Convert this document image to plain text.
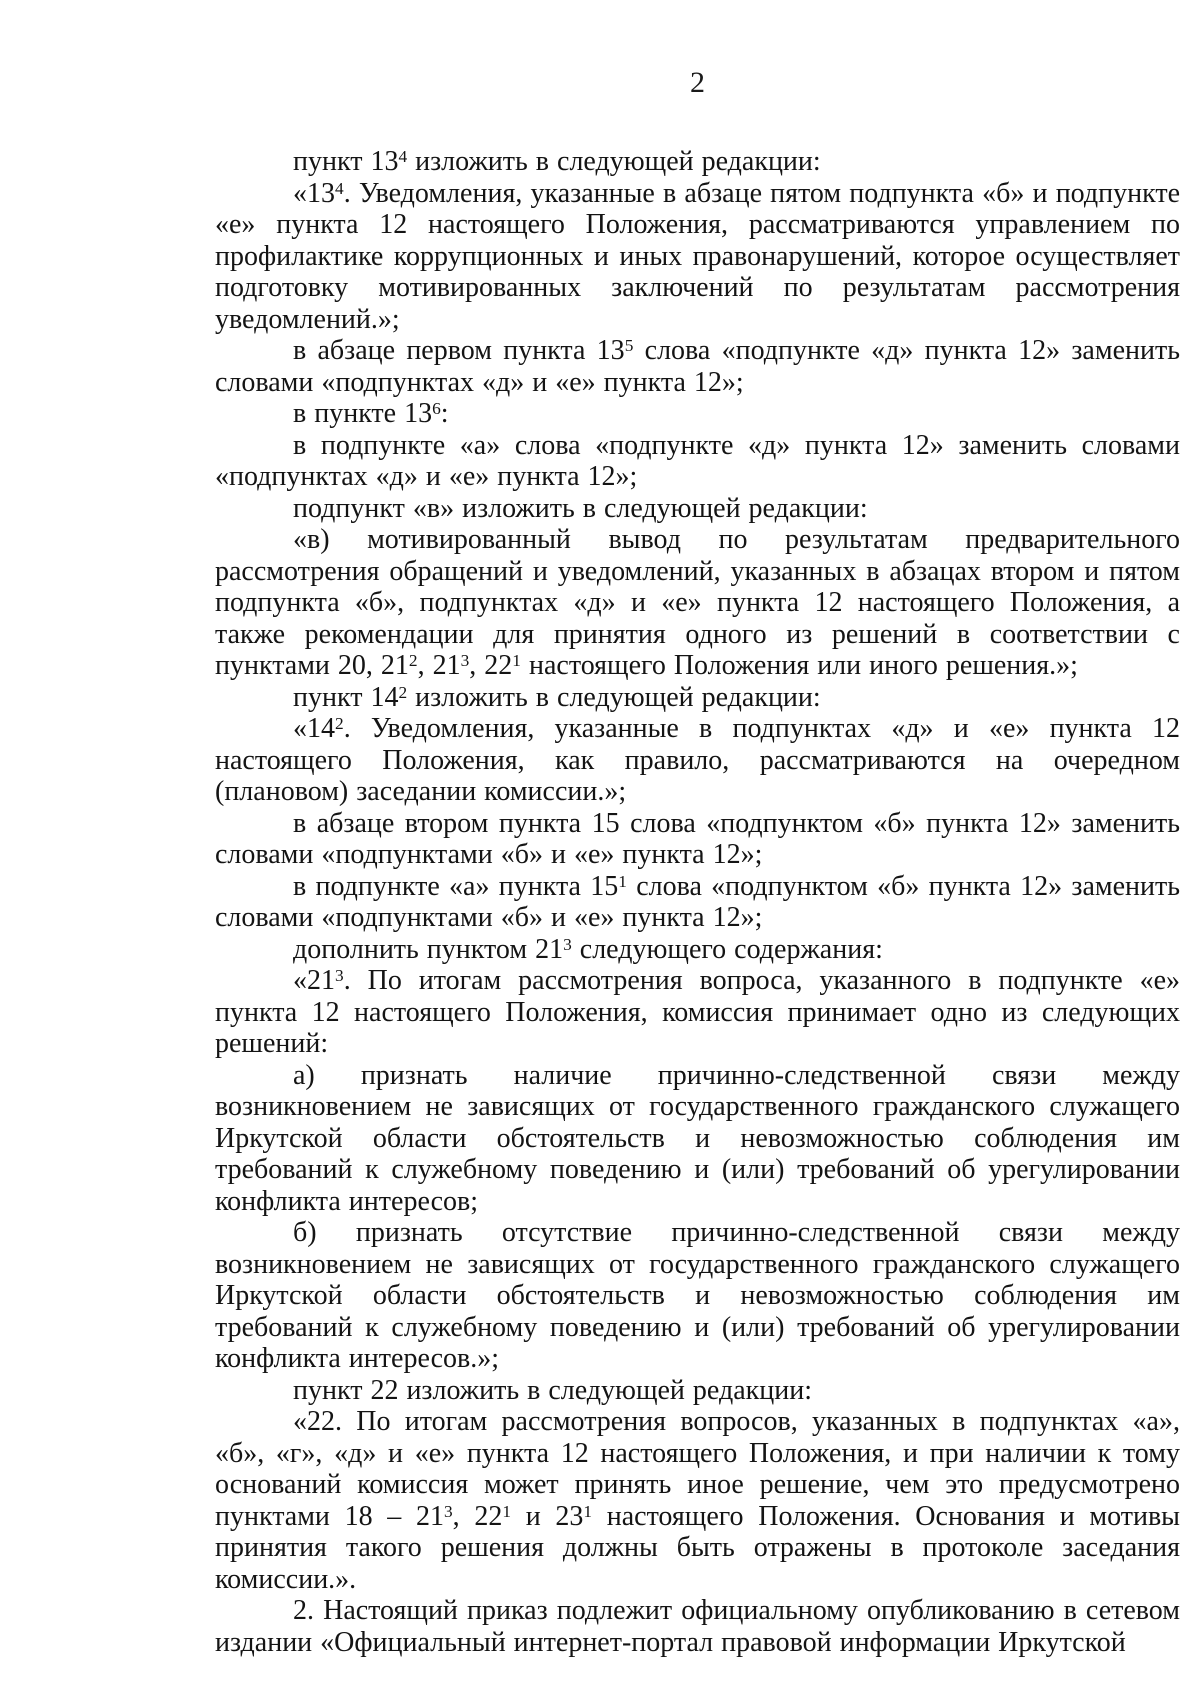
2

пункт $13^4$ изложить в следующей редакции:

«$13^4$. Уведомления, указанные в абзаце пятом подпункта «б» и подпункте «е» пункта 12 настоящего Положения, рассматриваются управлением по профилактике коррупционных и иных правонарушений, которое осуществляет подготовку мотивированных заключений по результатам рассмотрения уведомлений.»;

в абзаце первом пункта $13^5$ слова «подпункте «д» пункта 12» заменить словами «подпунктах «д» и «е» пункта 12»;

в пункте $13^6$:

в подпункте «а» слова «подпункте «д» пункта 12» заменить словами «подпунктах «д» и «е» пункта 12»;

подпункт «в» изложить в следующей редакции:

«в) мотивированный вывод по результатам предварительного рассмотрения обращений и уведомлений, указанных в абзацах втором и пятом подпункта «б», подпунктах «д» и «е» пункта 12 настоящего Положения, а также рекомендации для принятия одного из решений в соответствии с пунктами 20, $21^2$, $21^3$, $22^1$ настоящего Положения или иного решения.»;

пункт $14^2$ изложить в следующей редакции:

«$14^2$. Уведомления, указанные в подпунктах «д» и «е» пункта 12 настоящего Положения, как правило, рассматриваются на очередном (плановом) заседании комиссии.»;

в абзаце втором пункта 15 слова «подпунктом «б» пункта 12» заменить словами «подпунктами «б» и «е» пункта 12»;

в подпункте «а» пункта $15^1$ слова «подпунктом «б» пункта 12» заменить словами «подпунктами «б» и «е» пункта 12»;

дополнить пунктом $21^3$ следующего содержания:

«$21^3$. По итогам рассмотрения вопроса, указанного в подпункте «е» пункта 12 настоящего Положения, комиссия принимает одно из следующих решений:

а) признать наличие причинно-следственной связи между возникновением не зависящих от государственного гражданского служащего Иркутской области обстоятельств и невозможностью соблюдения им требований к служебному поведению и (или) требований об урегулировании конфликта интересов;

б) признать отсутствие причинно-следственной связи между возникновением не зависящих от государственного гражданского служащего Иркутской области обстоятельств и невозможностью соблюдения им требований к служебному поведению и (или) требований об урегулировании конфликта интересов.»;

пункт 22 изложить в следующей редакции:

«22. По итогам рассмотрения вопросов, указанных в подпунктах «а», «б», «г», «д» и «е» пункта 12 настоящего Положения, и при наличии к тому оснований комиссия может принять иное решение, чем это предусмотрено пунктами $18 - 21^3$, $22^1$ и $23^1$ настоящего Положения. Основания и мотивы принятия такого решения должны быть отражены в протоколе заседания комиссии.».

2. Настоящий приказ подлежит официальному опубликованию в сетевом издании «Официальный интернет-портал правовой информации Иркутской
